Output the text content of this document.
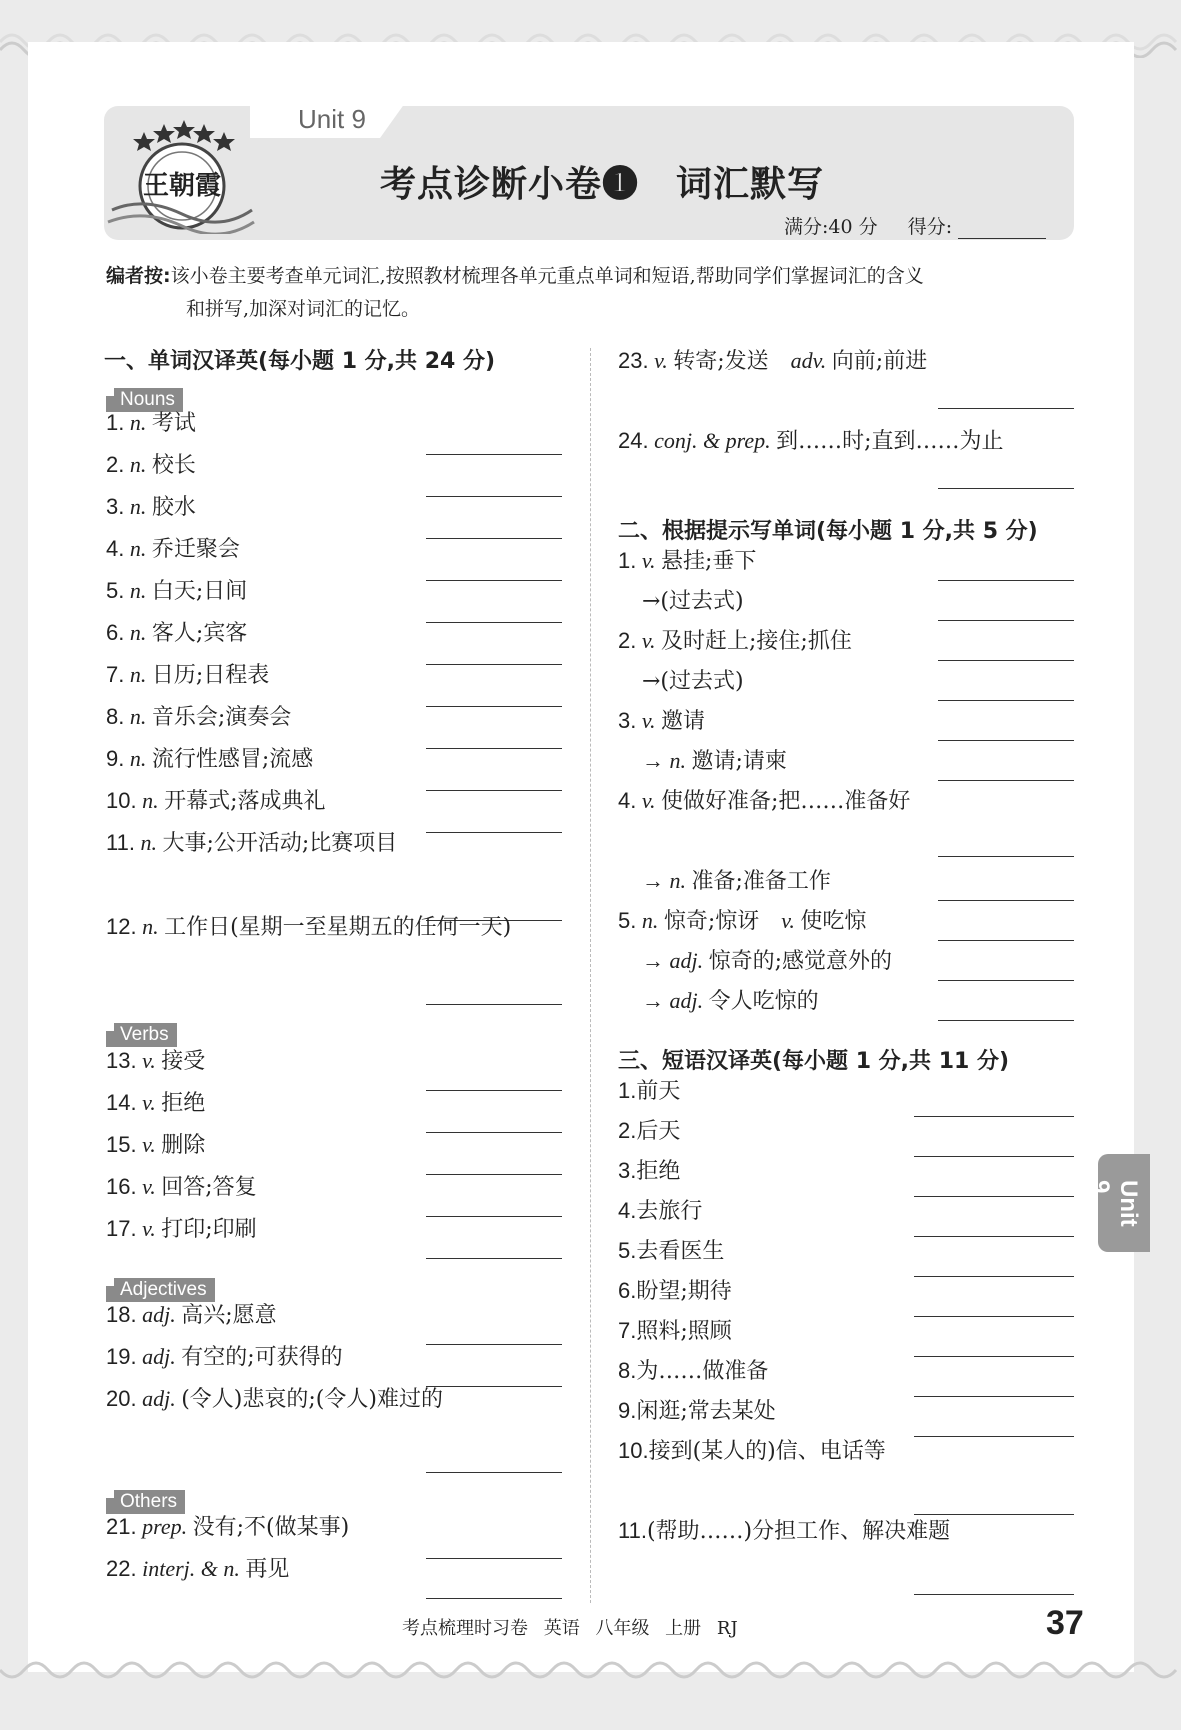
Unit 9
王朝霞	考点诊断小卷❶　词汇默写
满分:40 分 得分:
编者按:该小卷主要考查单元词汇,按照教材梳理各单元重点单词和短语,帮助同学们掌握词汇的含义
和拼写,加深对词汇的记忆。
一、单词汉译英(每小题 1 分,共 24 分)
二、根据提示写单词(每小题 1 分,共 5 分)
三、短语汉译英(每小题 1 分,共 11 分)
Nouns
Verbs
Adjectives
Others
1. n. 考试
2. n. 校长
3. n. 胶水
4. n. 乔迁聚会
5. n. 白天;日间
6. n. 客人;宾客
7. n. 日历;日程表
8. n. 音乐会;演奏会
9. n. 流行性感冒;流感
10. n. 开幕式;落成典礼
11. n. 大事;公开活动;比赛项目
12. n. 工作日(星期一至星期五的任何一天)
13. v. 接受
14. v. 拒绝
15. v. 删除
16. v. 回答;答复
17. v. 打印;印刷
18. adj. 高兴;愿意
19. adj. 有空的;可获得的
20. adj. (令人)悲哀的;(令人)难过的
21. prep. 没有;不(做某事)
22. interj. & n. 再见
23. v. 转寄;发送　adv. 向前;前进
24. conj. & prep. 到……时;直到……为止
1. v. 悬挂;垂下
→(过去式)
2. v. 及时赶上;接住;抓住
→(过去式)
3. v. 邀请
→ n. 邀请;请柬
4. v. 使做好准备;把……准备好
→ n. 准备;准备工作
5. n. 惊奇;惊讶　v. 使吃惊
→ adj. 惊奇的;感觉意外的
→ adj. 令人吃惊的
1.前天
2.后天
3.拒绝
4.去旅行
5.去看医生
6.盼望;期待
7.照料;照顾
8.为……做准备
9.闲逛;常去某处
10.接到(某人的)信、电话等
11.(帮助……)分担工作、解决难题
Unit 9
考点梳理时习卷 英语 八年级 上册 RJ	37
